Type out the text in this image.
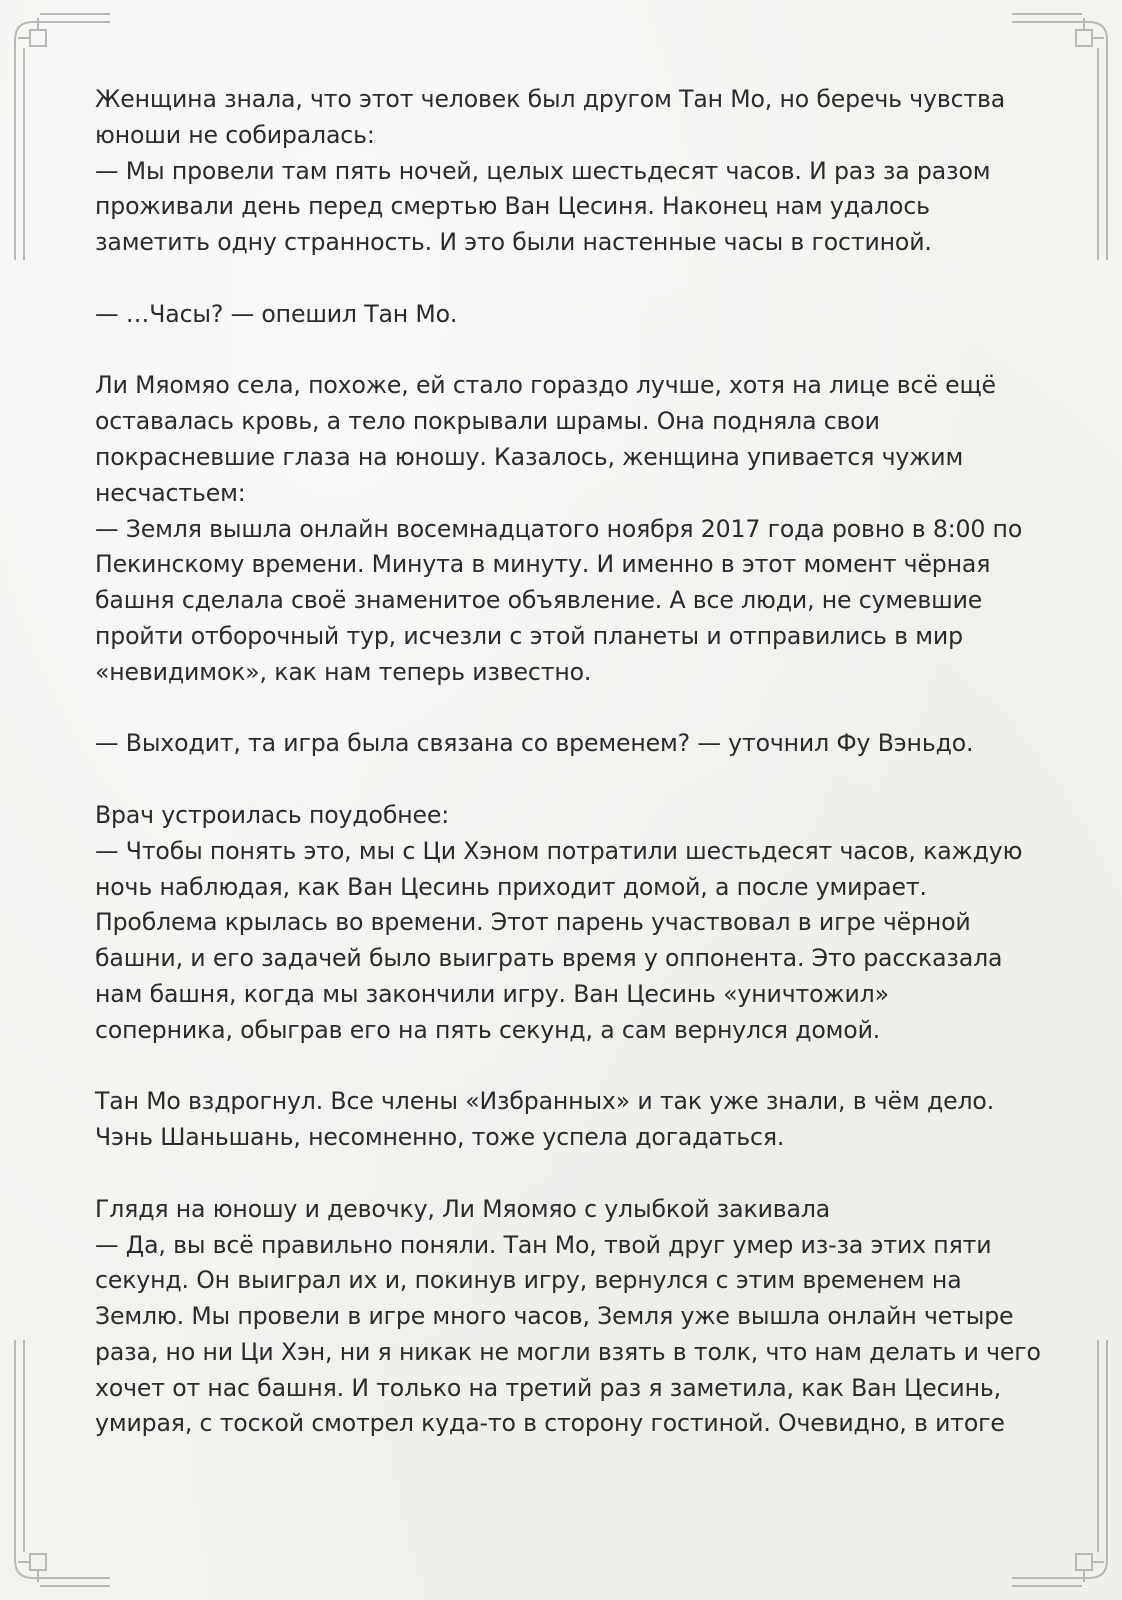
Женщина знала, что этот человек был другом Тан Мо, но беречь чувства
юноши не собиралась:
— Мы провели там пять ночей, целых шестьдесят часов. И раз за разом
проживали день перед смертью Ван Цесиня. Наконец нам удалось
заметить одну странность. И это были настенные часы в гостиной.

— …Часы? — опешил Тан Мо.

Ли Мяомяо села, похоже, ей стало гораздо лучше, хотя на лице всё ещё
оставалась кровь, а тело покрывали шрамы. Она подняла свои
покрасневшие глаза на юношу. Казалось, женщина упивается чужим
несчастьем:
— Земля вышла онлайн восемнадцатого ноября 2017 года ровно в 8:00 по
Пекинскому времени. Минута в минуту. И именно в этот момент чёрная
башня сделала своё знаменитое объявление. А все люди, не сумевшие
пройти отборочный тур, исчезли с этой планеты и отправились в мир
«невидимок», как нам теперь известно.

— Выходит, та игра была связана со временем? — уточнил Фу Вэньдо.

Врач устроилась поудобнее:
— Чтобы понять это, мы с Ци Хэном потратили шестьдесят часов, каждую
ночь наблюдая, как Ван Цесинь приходит домой, а после умирает.
Проблема крылась во времени. Этот парень участвовал в игре чёрной
башни, и его задачей было выиграть время у оппонента. Это рассказала
нам башня, когда мы закончили игру. Ван Цесинь «уничтожил»
соперника, обыграв его на пять секунд, а сам вернулся домой.

Тан Мо вздрогнул. Все члены «Избранных» и так уже знали, в чём дело.
Чэнь Шаньшань, несомненно, тоже успела догадаться.

Глядя на юношу и девочку, Ли Мяомяо с улыбкой закивала
— Да, вы всё правильно поняли. Тан Мо, твой друг умер из-за этих пяти
секунд. Он выиграл их и, покинув игру, вернулся с этим временем на
Землю. Мы провели в игре много часов, Земля уже вышла онлайн четыре
раза, но ни Ци Хэн, ни я никак не могли взять в толк, что нам делать и чего
хочет от нас башня. И только на третий раз я заметила, как Ван Цесинь,
умирая, с тоской смотрел куда-то в сторону гостиной. Очевидно, в итоге
